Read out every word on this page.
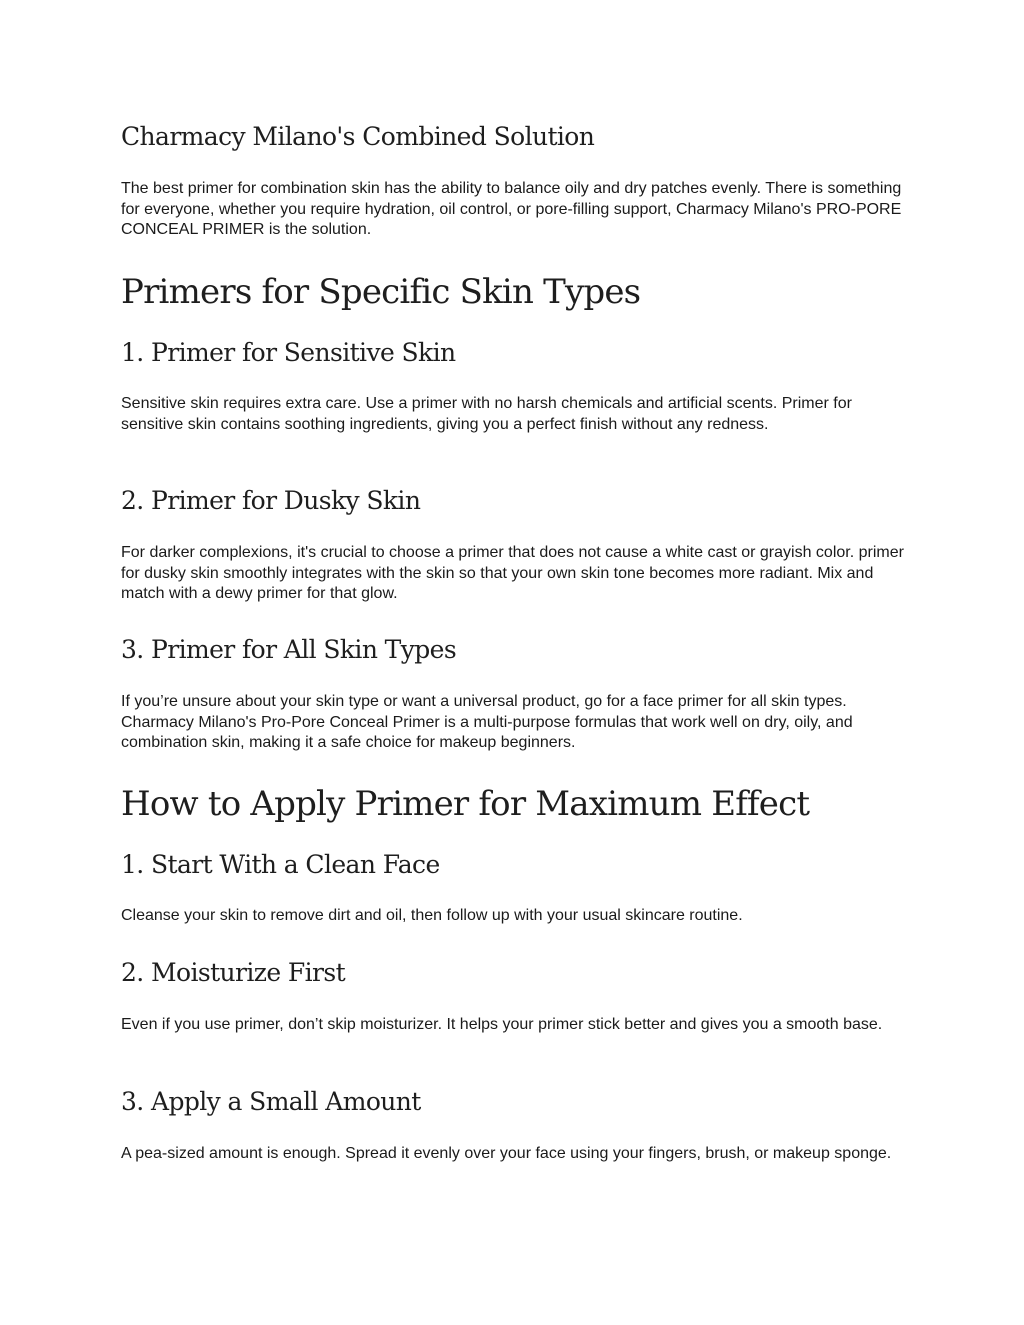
Charmacy Milano's Combined Solution

The best primer for combination skin has the ability to balance oily and dry patches evenly. There is something for everyone, whether you require hydration, oil control, or pore-filling support, Charmacy Milano's PRO-PORE CONCEAL PRIMER is the solution.

Primers for Specific Skin Types
1. Primer for Sensitive Skin

Sensitive skin requires extra care. Use a primer with no harsh chemicals and artificial scents. Primer for sensitive skin contains soothing ingredients, giving you a perfect finish without any redness.

2. Primer for Dusky Skin

For darker complexions, it's crucial to choose a primer that does not cause a white cast or grayish color. primer for dusky skin smoothly integrates with the skin so that your own skin tone becomes more radiant. Mix and match with a dewy primer for that glow.

3. Primer for All Skin Types

If you’re unsure about your skin type or want a universal product, go for a face primer for all skin types. Charmacy Milano's Pro-Pore Conceal Primer is a multi-purpose formulas that work well on dry, oily, and combination skin, making it a safe choice for makeup beginners.

How to Apply Primer for Maximum Effect
1. Start With a Clean Face

Cleanse your skin to remove dirt and oil, then follow up with your usual skincare routine.

2. Moisturize First

Even if you use primer, don’t skip moisturizer. It helps your primer stick better and gives you a smooth base.

3. Apply a Small Amount

A pea-sized amount is enough. Spread it evenly over your face using your fingers, brush, or makeup sponge.
